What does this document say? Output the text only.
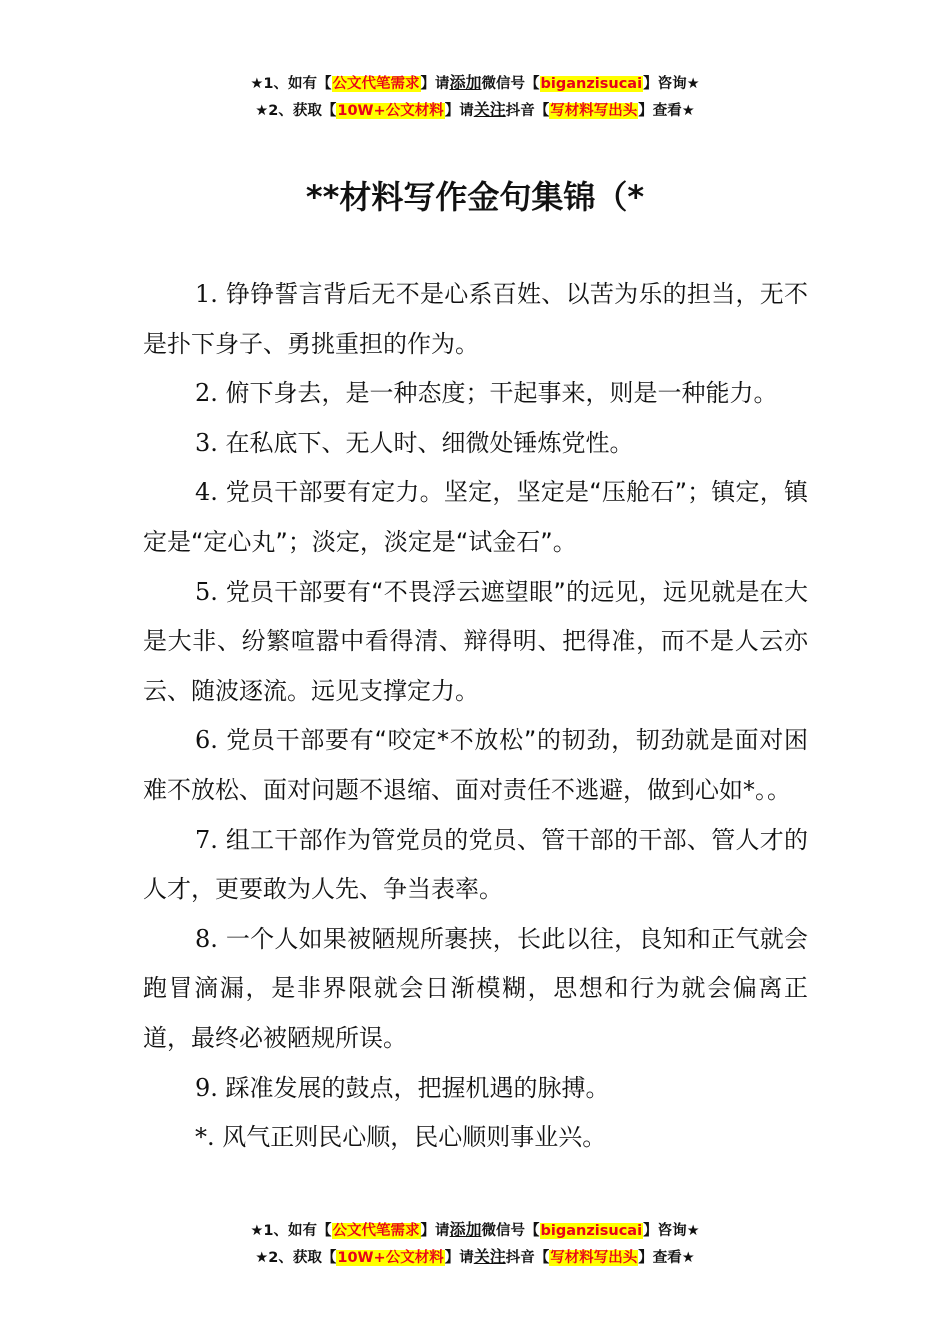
★1、如有【公文代笔需求】请添加微信号【biganzisucai】咨询★
★2、获取【10W+公文材料】请关注抖音【写材料写出头】查看★
**材料写作金句集锦（*

1. 铮铮誓言背后无不是心系百姓、以苦为乐的担当，无不是扑下身子、勇挑重担的作为。

2. 俯下身去，是一种态度；干起事来，则是一种能力。

3. 在私底下、无人时、细微处锤炼党性。

4. 党员干部要有定力。坚定，坚定是“压舱石”；镇定，镇定是“定心丸”；淡定，淡定是“试金石”。

5. 党员干部要有“不畏浮云遮望眼”的远见，远见就是在大是大非、纷繁喧嚣中看得清、辩得明、把得准，而不是人云亦云、随波逐流。远见支撑定力。

6. 党员干部要有“咬定*不放松”的韧劲，韧劲就是面对困难不放松、面对问题不退缩、面对责任不逃避，做到心如*。。

7. 组工干部作为管党员的党员、管干部的干部、管人才的人才，更要敢为人先、争当表率。

8. 一个人如果被陋规所裹挟，长此以往，良知和正气就会跑冒滴漏，是非界限就会日渐模糊，思想和行为就会偏离正道，最终必被陋规所误。

9. 踩准发展的鼓点，把握机遇的脉搏。

*. 风气正则民心顺，民心顺则事业兴。

★1、如有【公文代笔需求】请添加微信号【biganzisucai】咨询★
★2、获取【10W+公文材料】请关注抖音【写材料写出头】查看★
